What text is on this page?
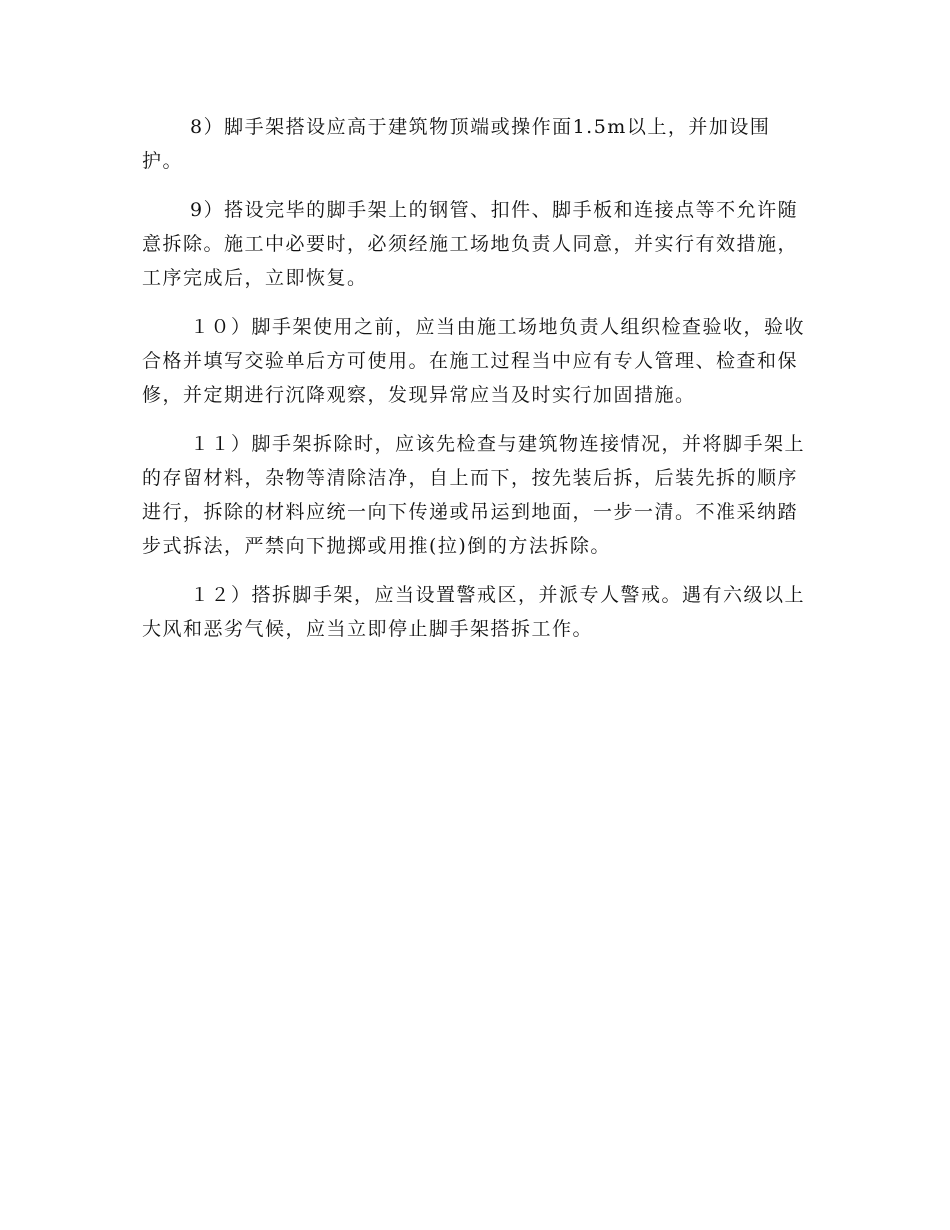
8）脚手架搭设应高于建筑物顶端或操作面1.5m以上，并加设围护。

9）搭设完毕的脚手架上的钢管、扣件、脚手板和连接点等不允许随意拆除。施工中必要时，必须经施工场地负责人同意，并实行有效措施，工序完成后，立即恢复。

１０）脚手架使用之前，应当由施工场地负责人组织检查验收，验收合格并填写交验单后方可使用。在施工过程当中应有专人管理、检查和保修，并定期进行沉降观察，发现异常应当及时实行加固措施。

１１）脚手架拆除时，应该先检查与建筑物连接情况，并将脚手架上的存留材料，杂物等清除洁净，自上而下，按先装后拆，后装先拆的顺序进行，拆除的材料应统一向下传递或吊运到地面，一步一清。不准采纳踏步式拆法，严禁向下抛掷或用推(拉)倒的方法拆除。

１２）搭拆脚手架，应当设置警戒区，并派专人警戒。遇有六级以上大风和恶劣气候，应当立即停止脚手架搭拆工作。
